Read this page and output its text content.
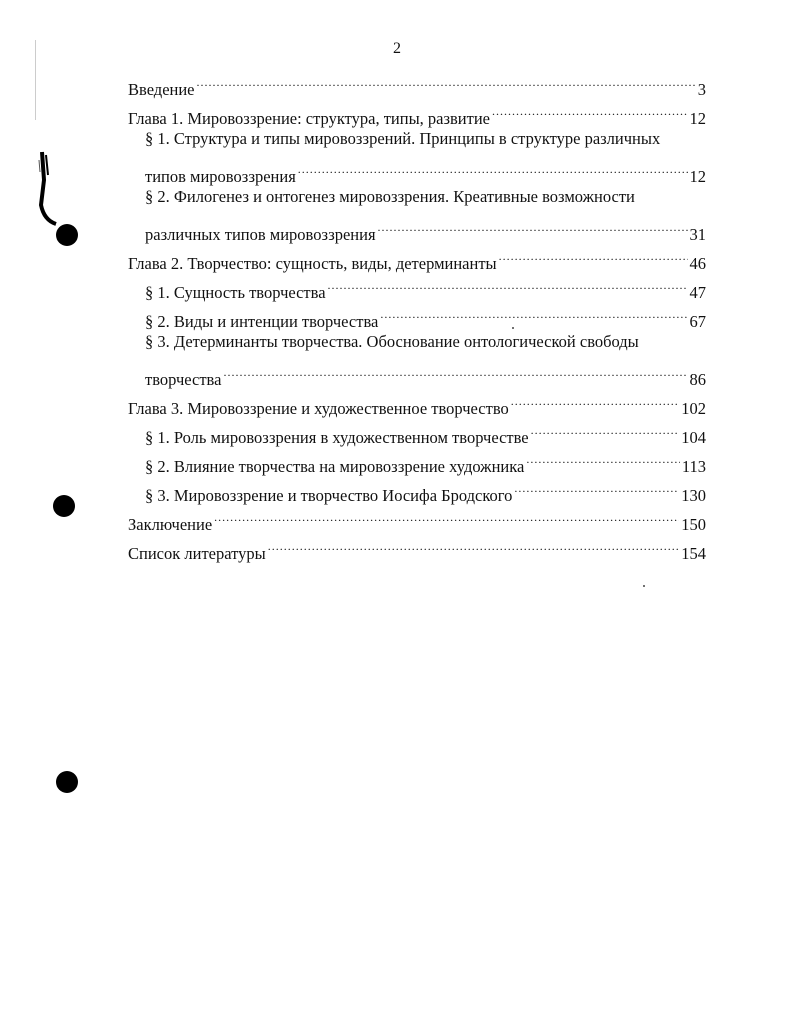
2
Введение .....	3
Глава 1. Мировоззрение: структура, типы, развитие .....	12
§ 1. Структура и типы мировоззрений. Принципы в структуре различных
типов мировоззрения .....	12
§ 2. Филогенез и онтогенез мировоззрения. Креативные возможности
различных типов мировоззрения .....	31
Глава 2. Творчество: сущность, виды, детерминанты .....	46
§ 1. Сущность творчества .....	47
§ 2. Виды и интенции творчества .....	67
§ 3. Детерминанты творчества. Обоснование онтологической свободы
творчества .....	86
Глава 3. Мировоззрение и художественное творчество .....	102
§ 1. Роль мировоззрения в художественном творчестве .....	104
§ 2. Влияние творчества на мировоззрение художника .....	113
§ 3. Мировоззрение и творчество Иосифа Бродского .....	130
Заключение .....	150
Список литературы .....	154
